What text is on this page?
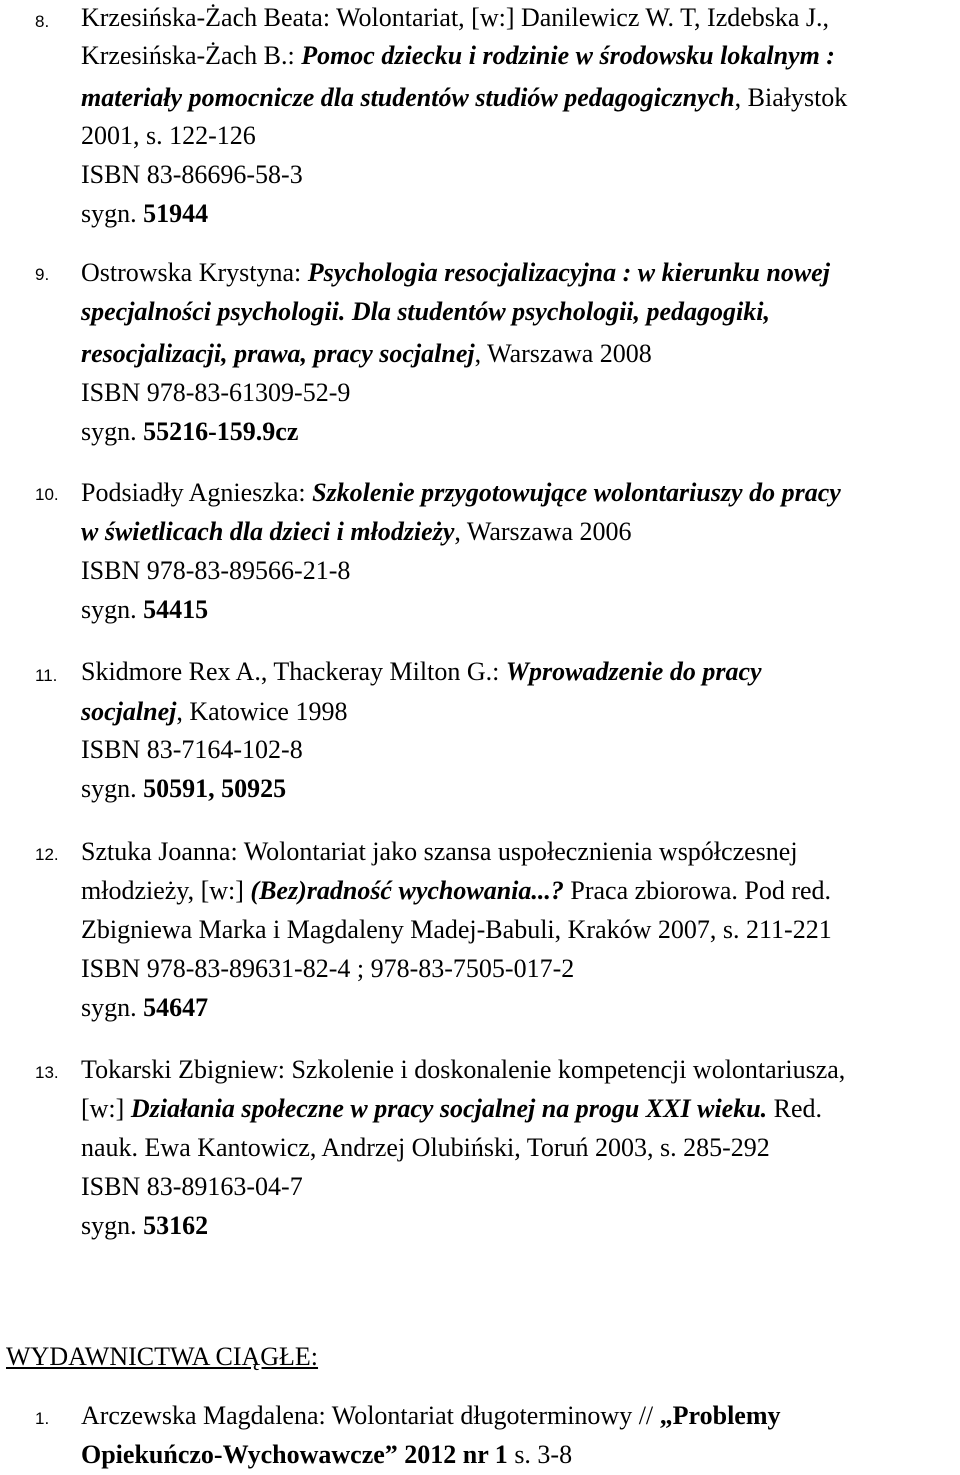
8. Krzesińska-Żach Beata: Wolontariat, [w:] Danilewicz W. T, Izdebska J.,
Krzesińska-Żach B.: Pomoc dziecku i rodzinie w środowsku lokalnym :
materiały pomocnicze dla studentów studiów pedagogicznych, Białystok
2001, s. 122-126
ISBN 83-86696-58-3
sygn. 51944
9. Ostrowska Krystyna: Psychologia resocjalizacyjna : w kierunku nowej
specjalności psychologii. Dla studentów psychologii, pedagogiki,
resocjalizacji, prawa, pracy socjalnej, Warszawa 2008
ISBN 978-83-61309-52-9
sygn. 55216-159.9cz
10. Podsiadły Agnieszka: Szkolenie przygotowujące wolontariuszy do pracy
w świetlicach dla dzieci i młodzieży, Warszawa 2006
ISBN 978-83-89566-21-8
sygn. 54415
11. Skidmore Rex A., Thackeray Milton G.: Wprowadzenie do pracy
socjalnej, Katowice 1998
ISBN 83-7164-102-8
sygn. 50591, 50925
12. Sztuka Joanna: Wolontariat jako szansa uspołecznienia współczesnej
młodzieży, [w:] (Bez)radność wychowania...? Praca zbiorowa. Pod red.
Zbigniewa Marka i Magdaleny Madej-Babuli, Kraków 2007, s. 211-221
ISBN 978-83-89631-82-4 ; 978-83-7505-017-2
sygn. 54647
13. Tokarski Zbigniew: Szkolenie i doskonalenie kompetencji wolontariusza,
[w:] Działania społeczne w pracy socjalnej na progu XXI wieku. Red.
nauk. Ewa Kantowicz, Andrzej Olubiński, Toruń 2003, s. 285-292
ISBN 83-89163-04-7
sygn. 53162
WYDAWNICTWA CIĄGŁE:
1. Arczewska Magdalena: Wolontariat długoterminowy // „Problemy
Opiekuńczo-Wychowawcze” 2012 nr 1 s. 3-8
